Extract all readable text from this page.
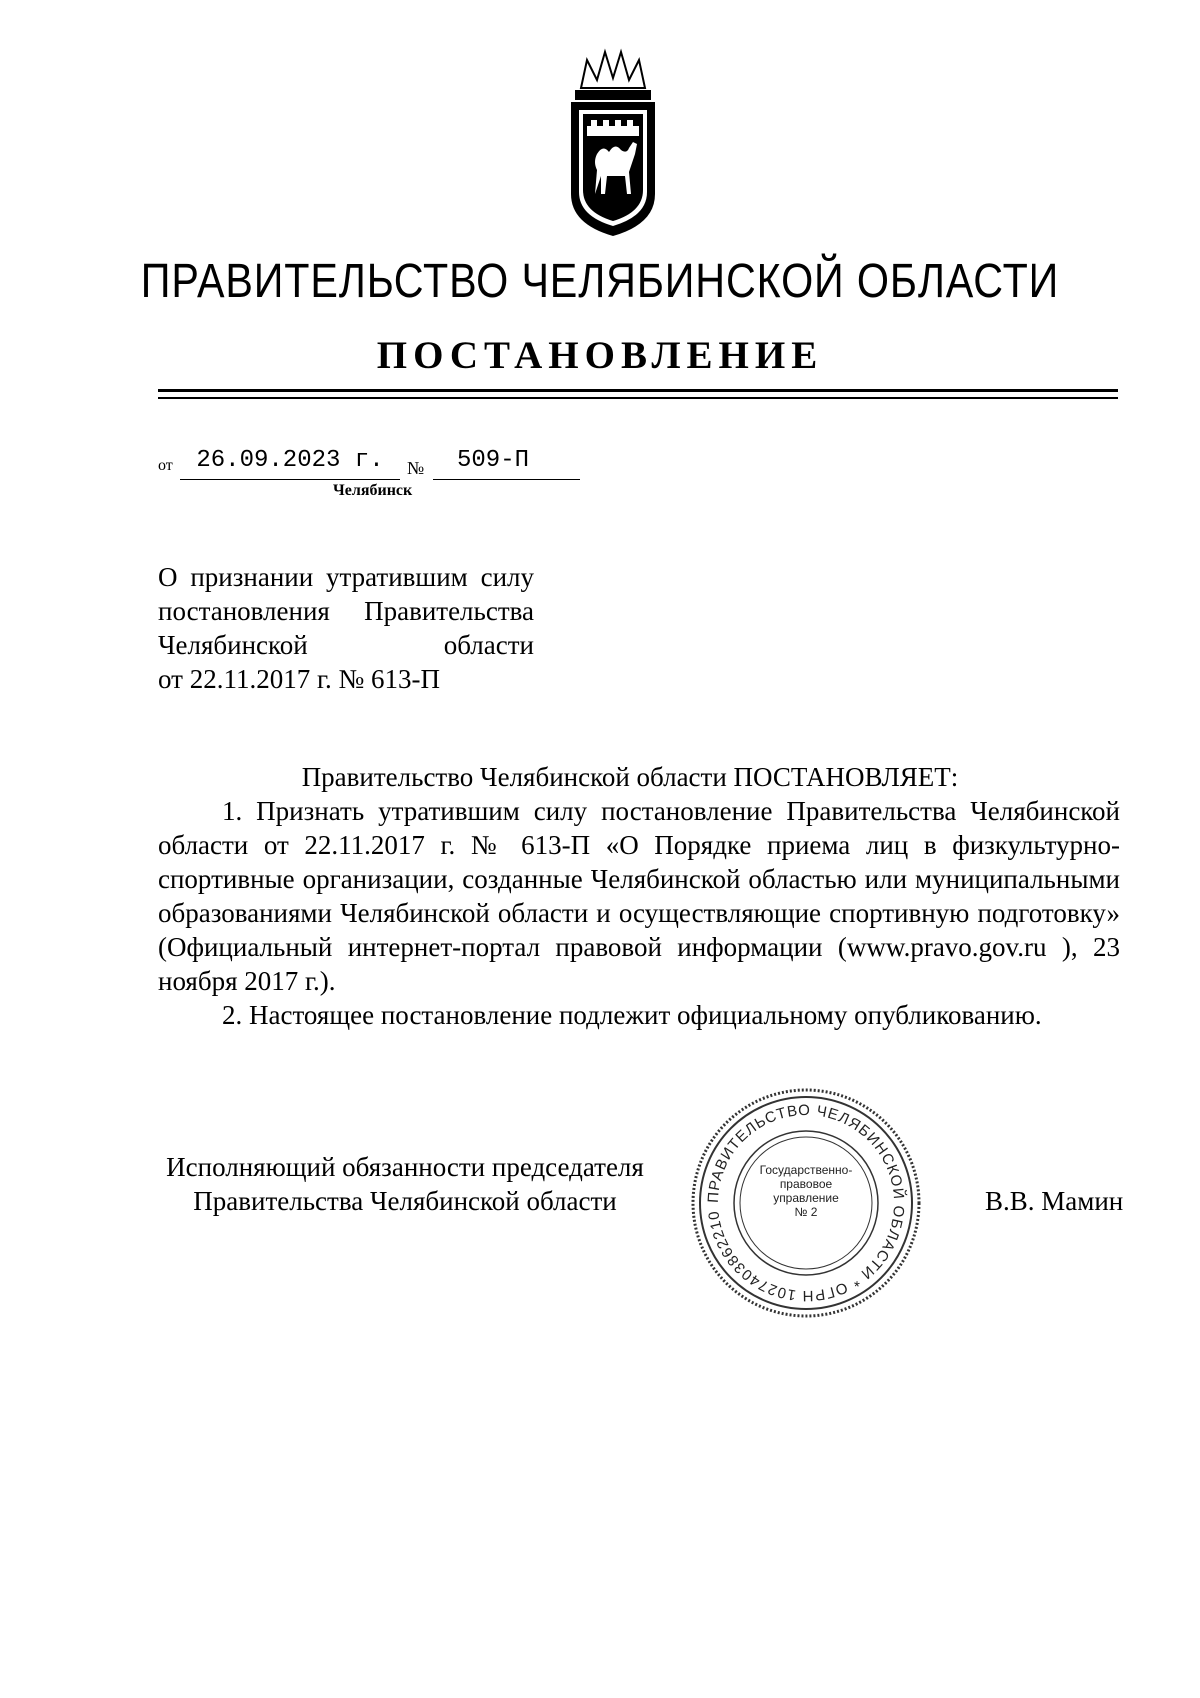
ПРАВИТЕЛЬСТВО ЧЕЛЯБИНСКОЙ ОБЛАСТИ
ПОСТАНОВЛЕНИЕ
от 26.09.2023 г.	№	509-П
Челябинск
О признании утратившим силу
постановления Правительства
Челябинской области
от 22.11.2017 г. № 613-П
Правительство Челябинской области ПОСТАНОВЛЯЕТ:

1. Признать утратившим силу постановление Правительства Челябинской области от 22.11.2017 г. № 613-П «О Порядке приема лиц в физкультурно-спортивные организации, созданные Челябинской областью или муниципальными образованиями Челябинской области и осуществляющие спортивную подготовку» (Официальный интернет-портал правовой информации (www.pravo.gov.ru ), 23 ноября 2017 г.).

2. Настоящее постановление подлежит официальному опубликованию.

Исполняющий обязанности председателя
Правительства Челябинской области	В.В. Мамин
ПРАВИТЕЛЬСТВО ЧЕЛЯБИНСКОЙ ОБЛАСТИ * ОГРН 1027403862210
Государственно-
правовое
управление
№ 2
